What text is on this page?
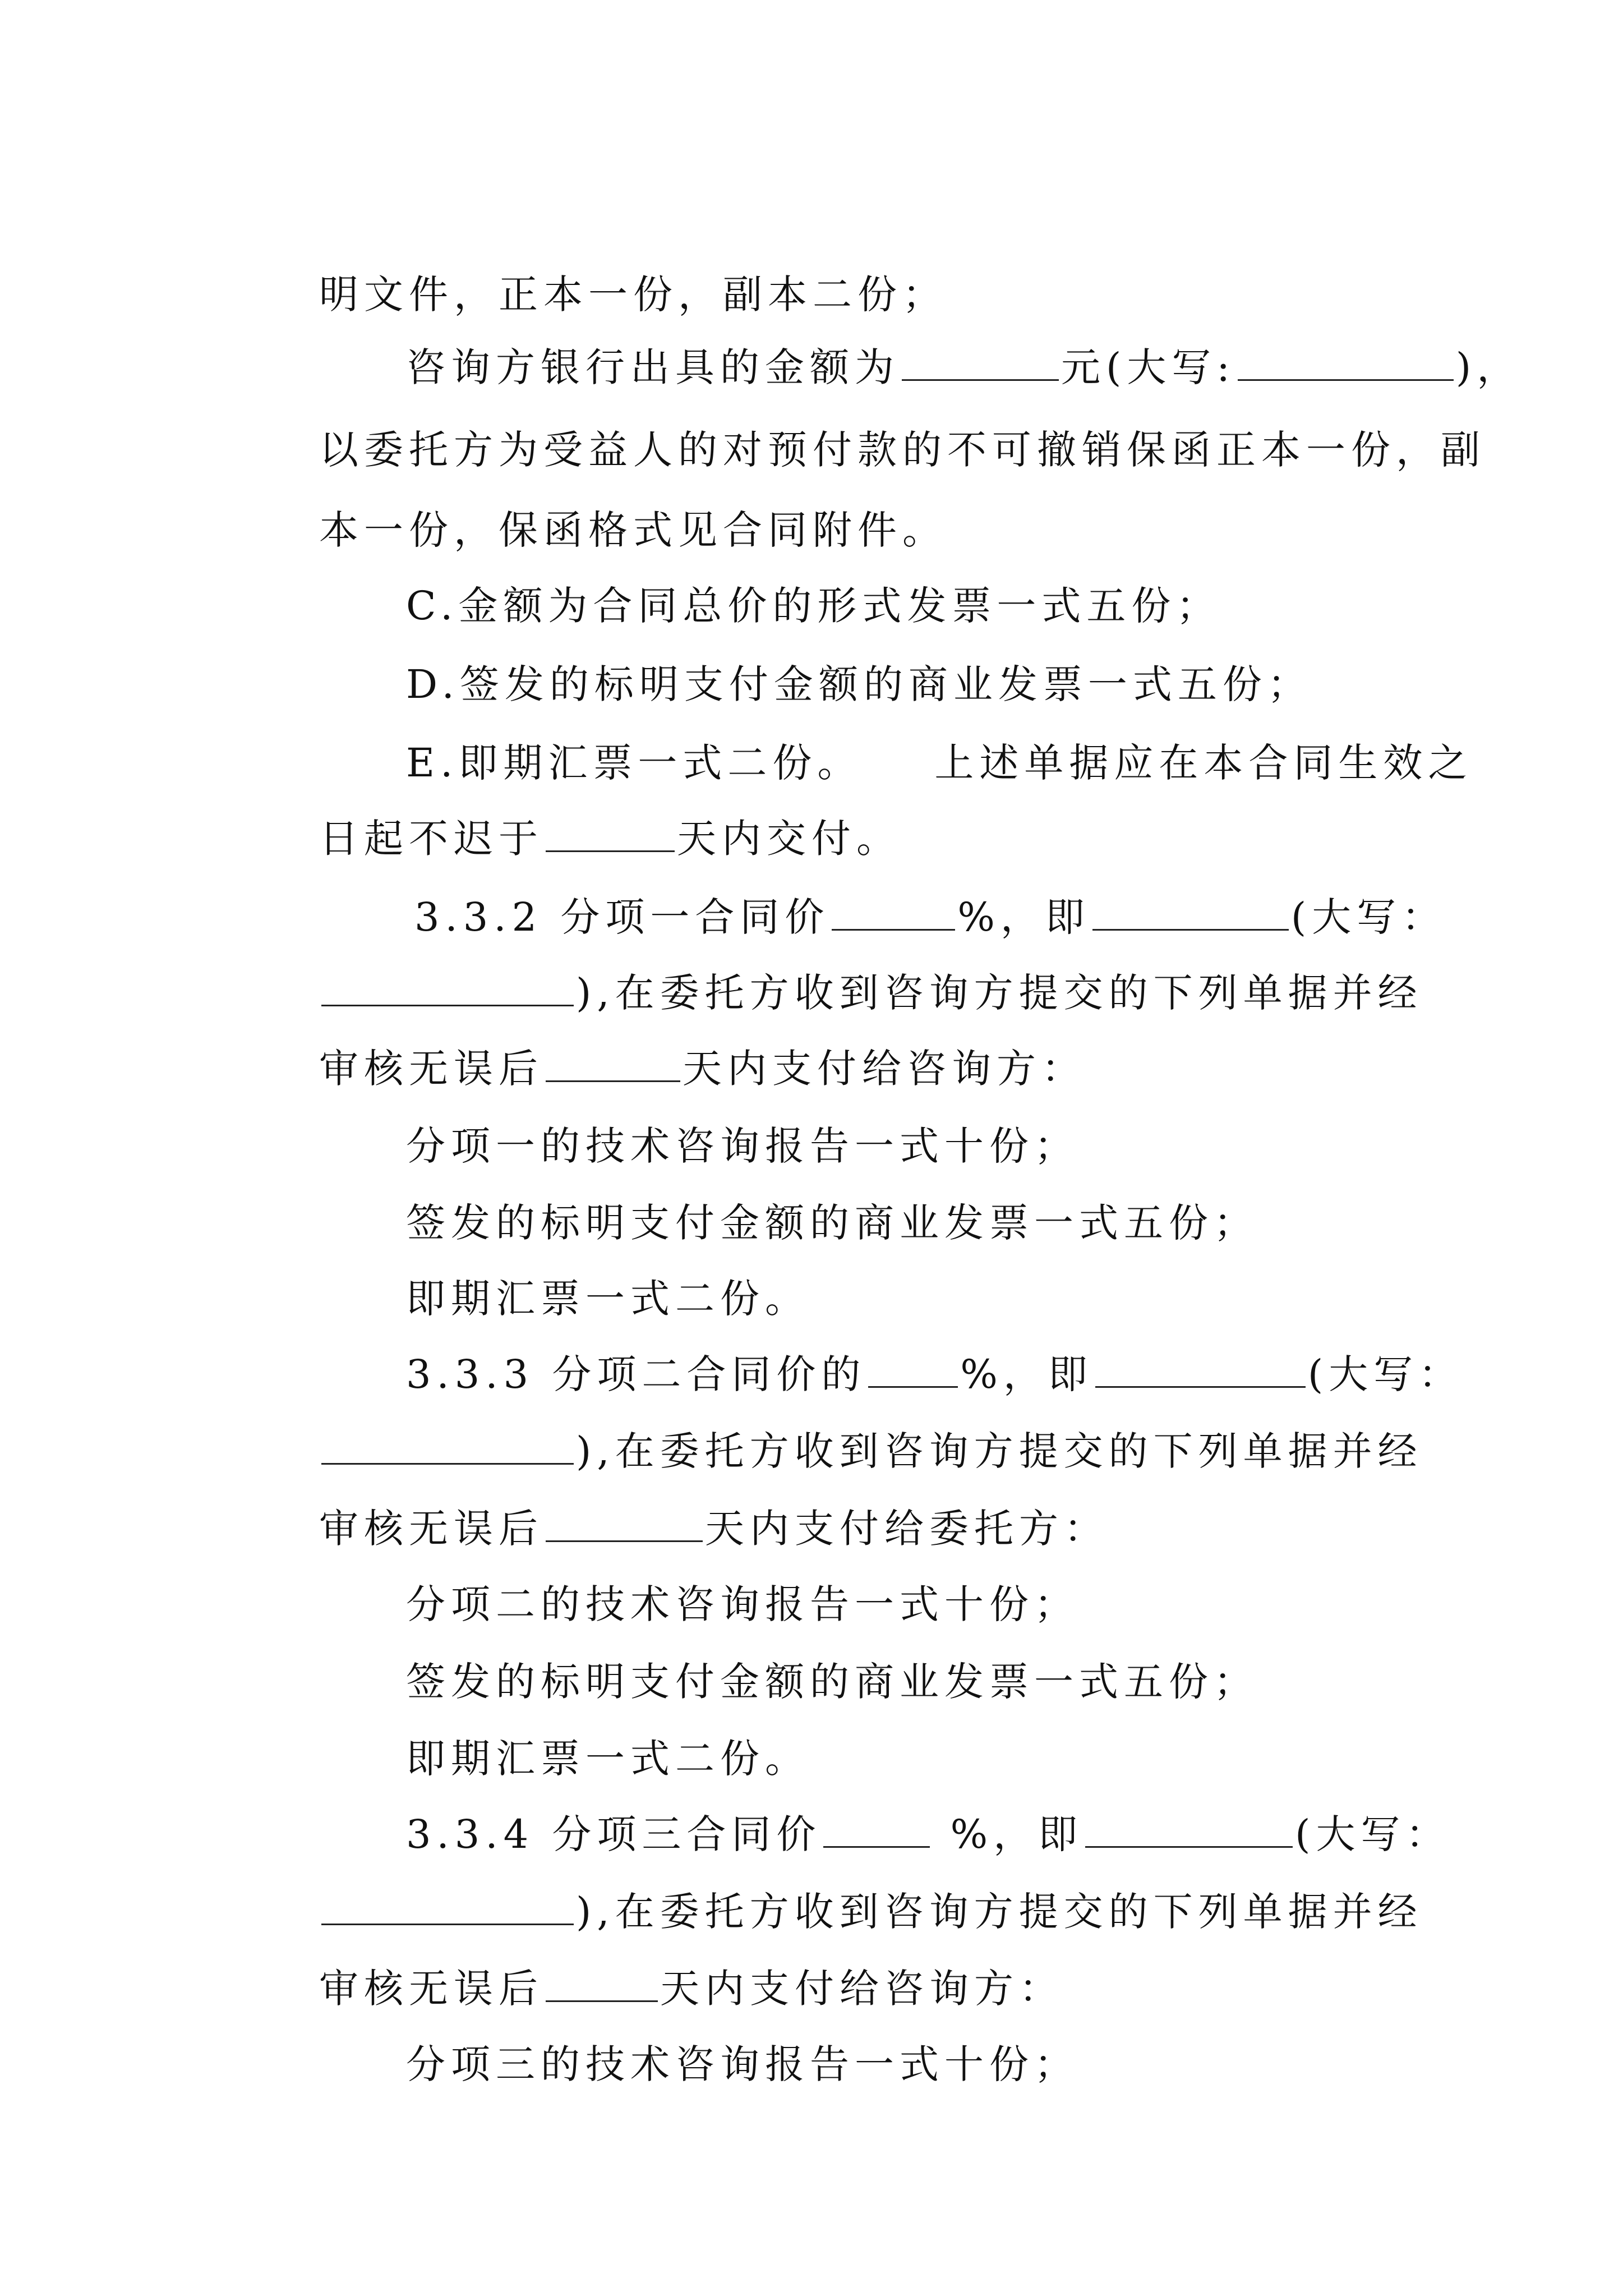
明文件，正本一份，副本二份；

咨询方银行出具的金额为	元(大写:	)，

以委托方为受益人的对预付款的不可撤销保函正本一份，副

本一份，保函格式见合同附件。

C.金额为合同总价的形式发票一式五份；

D.签发的标明支付金额的商业发票一式五份；

E.即期汇票一式二份。    上述单据应在本合同生效之

日起不迟于	天内交付。

3.3.2 分项一合同价	%，即	(大写：

),在委托方收到咨询方提交的下列单据并经

审核无误后	天内支付给咨询方：

分项一的技术咨询报告一式十份；

签发的标明支付金额的商业发票一式五份；

即期汇票一式二份。

3.3.3 分项二合同价的 %，即	(大写：

),在委托方收到咨询方提交的下列单据并经

审核无误后	天内支付给委托方：

分项二的技术咨询报告一式十份；

签发的标明支付金额的商业发票一式五份；

即期汇票一式二份。

3.3.4 分项三合同价	%，即	(大写：

),在委托方收到咨询方提交的下列单据并经

审核无误后	天内支付给咨询方：

分项三的技术咨询报告一式十份；
